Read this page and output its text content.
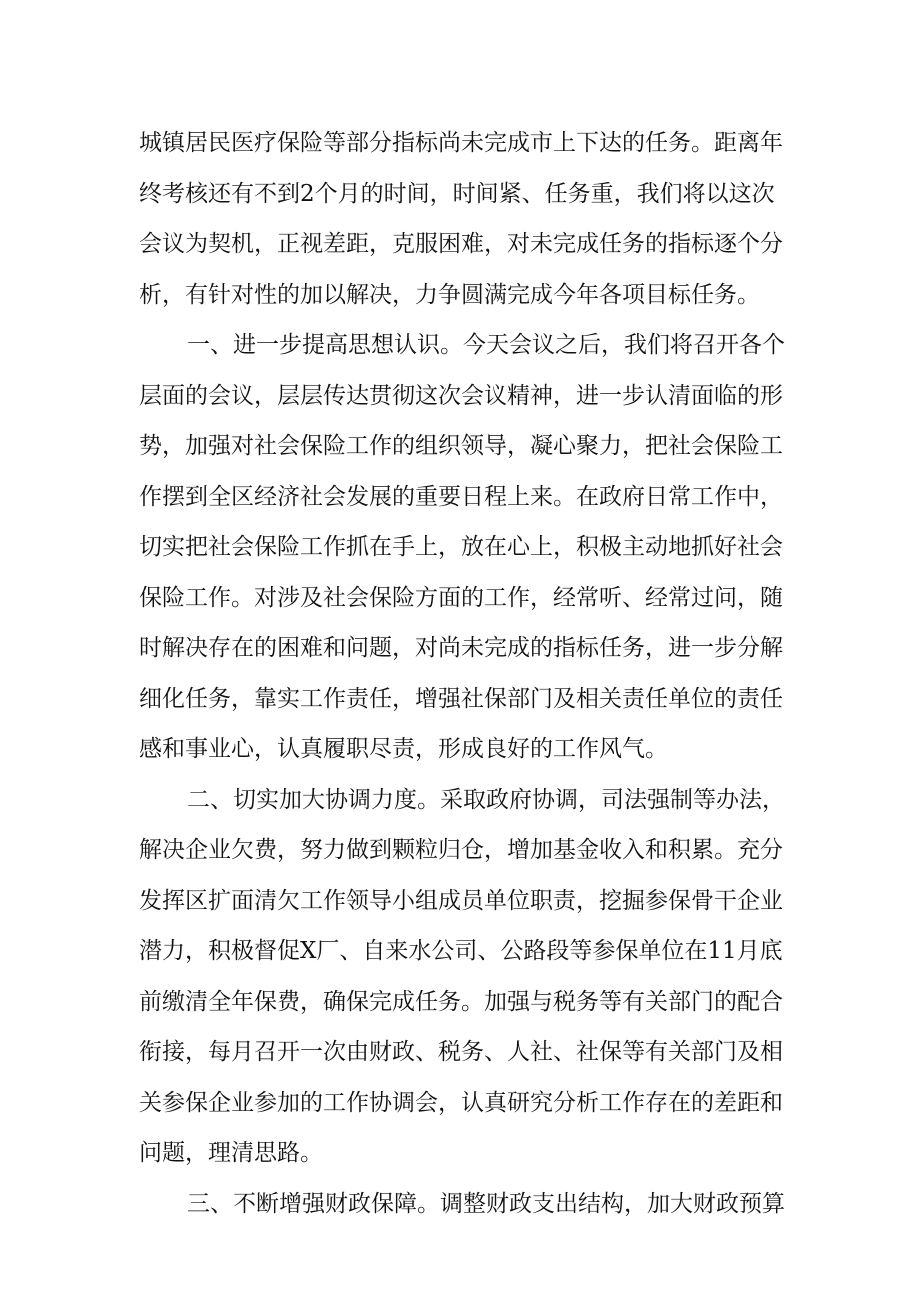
城镇居民医疗保险等部分指标尚未完成市上下达的任务。距离年
终考核还有不到2个月的时间，时间紧、任务重，我们将以这次
会议为契机，正视差距，克服困难，对未完成任务的指标逐个分
析，有针对性的加以解决，力争圆满完成今年各项目标任务。
一、进一步提高思想认识。今天会议之后，我们将召开各个
层面的会议，层层传达贯彻这次会议精神，进一步认清面临的形
势，加强对社会保险工作的组织领导，凝心聚力，把社会保险工
作摆到全区经济社会发展的重要日程上来。在政府日常工作中，
切实把社会保险工作抓在手上，放在心上，积极主动地抓好社会
保险工作。对涉及社会保险方面的工作，经常听、经常过问，随
时解决存在的困难和问题，对尚未完成的指标任务，进一步分解
细化任务，靠实工作责任，增强社保部门及相关责任单位的责任
感和事业心，认真履职尽责，形成良好的工作风气。
二、切实加大协调力度。采取政府协调，司法强制等办法，
解决企业欠费，努力做到颗粒归仓，增加基金收入和积累。充分
发挥区扩面清欠工作领导小组成员单位职责，挖掘参保骨干企业
潜力，积极督促X厂、自来水公司、公路段等参保单位在11月底
前缴清全年保费，确保完成任务。加强与税务等有关部门的配合
衔接，每月召开一次由财政、税务、人社、社保等有关部门及相
关参保企业参加的工作协调会，认真研究分析工作存在的差距和
问题，理清思路。
三、不断增强财政保障。调整财政支出结构，加大财政预算
